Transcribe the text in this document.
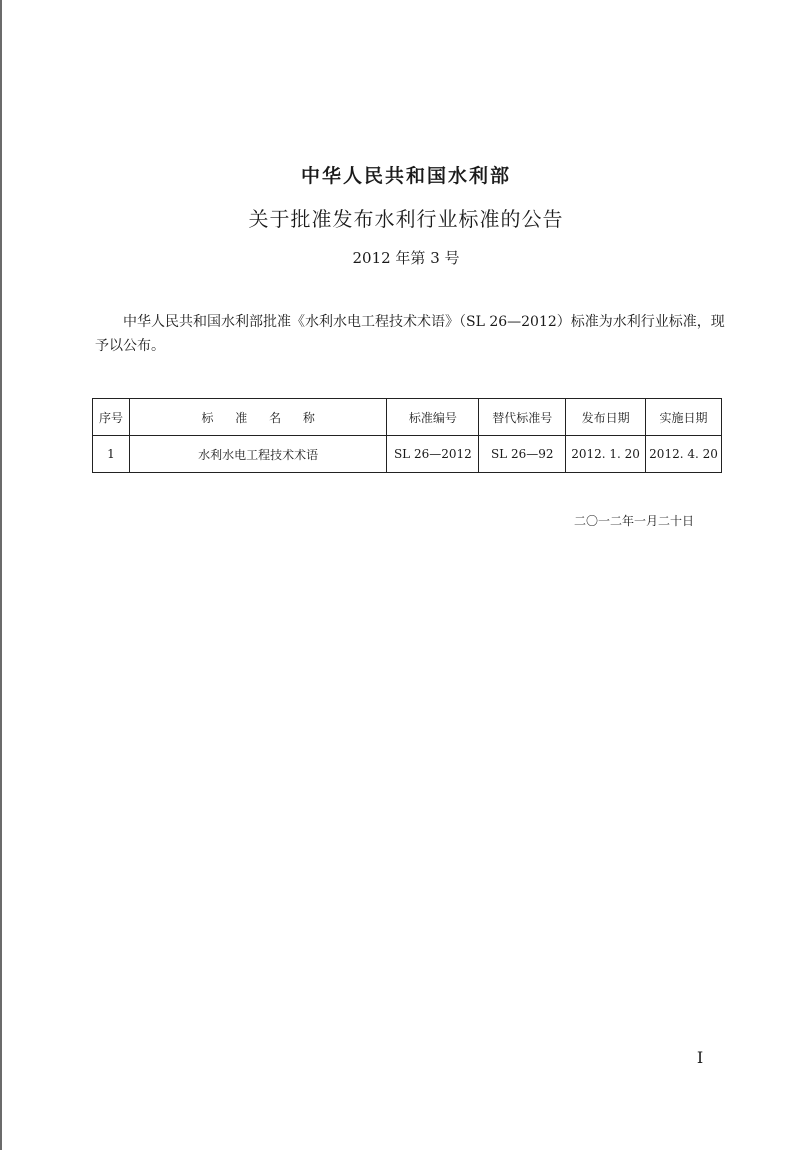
中华人民共和国水利部
关于批准发布水利行业标准的公告
2012 年第 3 号
中华人民共和国水利部批准《水利水电工程技术术语》（SL 26—2012）标准为水利行业标准，现予以公布。
序号	标 准 名 称	标准编号	替代标准号	发布日期	实施日期
1	水利水电工程技术术语	SL 26—2012	SL 26—92	2012. 1. 20	2012. 4. 20
二〇一二年一月二十日
I
